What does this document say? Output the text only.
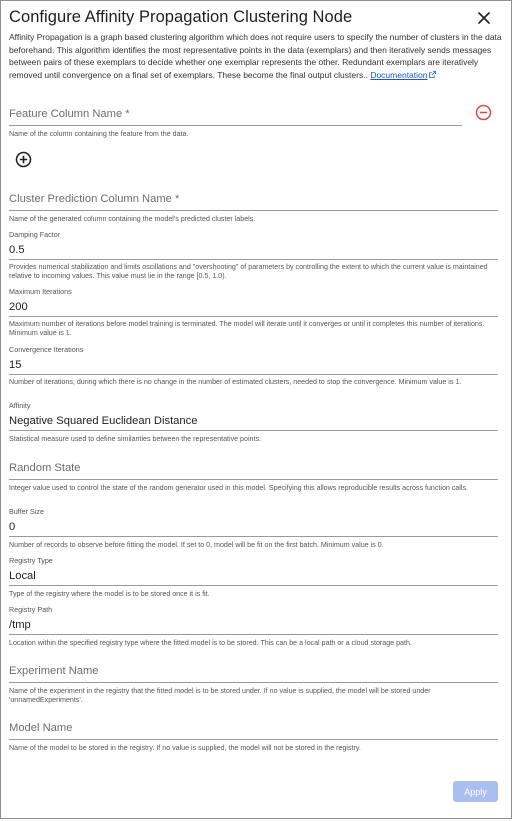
Configure Affinity Propagation Clustering Node
Affinity Propagation is a graph based clustering algorithm which does not require users to specify the number of clusters in the data beforehand. This algorithm identifies the most representative points in the data (exemplars) and then iteratively sends messages between pairs of these exemplars to decide whether one exemplar represents the other. Redundant exemplars are iteratively removed until convergence on a final set of exemplars. These become the final output clusters.. Documentation
Feature Column Name *
Name of the column containing the feature from the data.
Cluster Prediction Column Name *
Name of the generated column containing the model's predicted cluster labels.
Damping Factor
0.5
Provides numerical stabilization and limits oscillations and "overshooting" of parameters by controlling the extent to which the current value is maintained relative to incoming values. This value must lie in the range [0.5, 1.0).
Maximum Iterations
200
Maximum number of iterations before model training is terminated. The model will iterate until it converges or until it completes this number of iterations. Minimum value is 1.
Convergence Iterations
15
Number of iterations, during which there is no change in the number of estimated clusters, needed to stop the convergence. Minimum value is 1.
Affinity
Negative Squared Euclidean Distance
Statistical measure used to define similarities between the representative points.
Random State
Integer value used to control the state of the random generator used in this model. Specifying this allows reproducible results across function calls.
Buffer Size
0
Number of records to observe before fitting the model. If set to 0, model will be fit on the first batch. Minimum value is 0.
Registry Type
Local
Type of the registry where the model is to be stored once it is fit.
Registry Path
/tmp
Location within the specified registry type where the fitted model is to be stored. This can be a local path or a cloud storage path.
Experiment Name
Name of the experiment in the registry that the fitted model is to be stored under. If no value is supplied, the model will be stored under 'unnamedExperiments'.
Model Name
Name of the model to be stored in the registry. If no value is supplied, the model will not be stored in the registry.
Apply
